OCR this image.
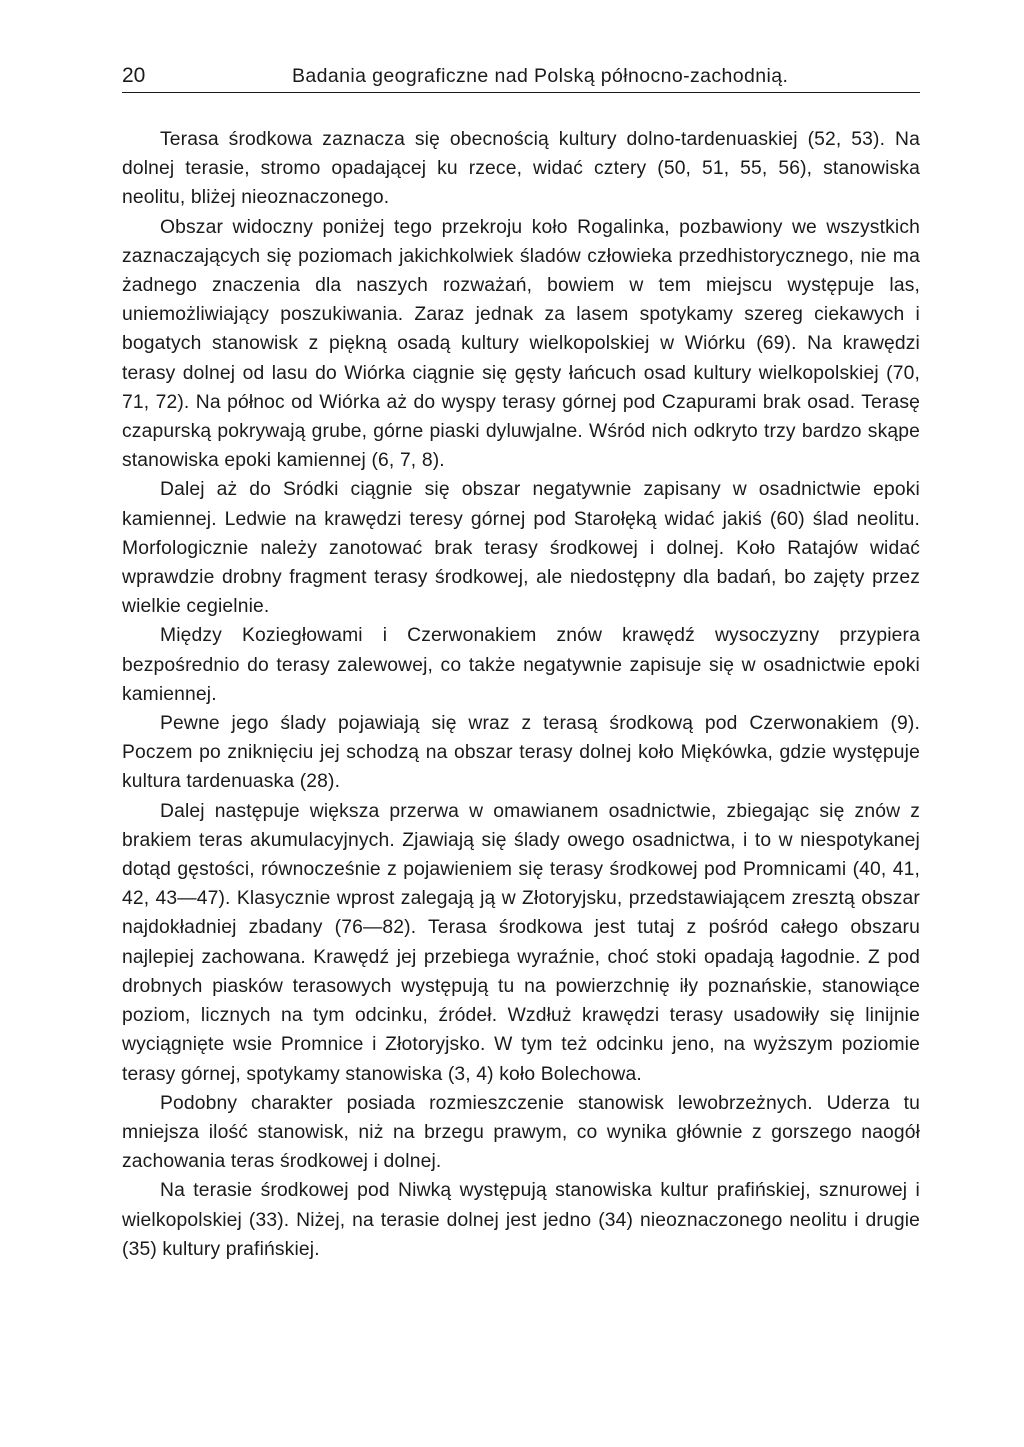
20	Badania geograficzne nad Polską północno-zachodnią.

Terasa środkowa zaznacza się obecnością kultury dolno-tardenuaskiej (52, 53). Na dolnej terasie, stromo opadającej ku rzece, widać cztery (50, 51, 55, 56), stanowiska neolitu, bliżej nieoznaczonego.

Obszar widoczny poniżej tego przekroju koło Rogalinka, pozbawiony we wszystkich zaznaczających się poziomach jakichkolwiek śladów człowieka przedhistorycznego, nie ma żadnego znaczenia dla naszych rozważań, bowiem w tem miejscu występuje las, uniemożliwiający poszukiwania. Zaraz jednak za lasem spotykamy szereg ciekawych i bogatych stanowisk z piękną osadą kultury wielkopolskiej w Wiórku (69). Na krawędzi terasy dolnej od lasu do Wiórka ciągnie się gęsty łańcuch osad kultury wielkopolskiej (70, 71, 72). Na północ od Wiórka aż do wyspy terasy górnej pod Czapurami brak osad. Terasę czapurską pokrywają grube, górne piaski dyluwjalne. Wśród nich odkryto trzy bardzo skąpe stanowiska epoki kamiennej (6, 7, 8).

Dalej aż do Sródki ciągnie się obszar negatywnie zapisany w osadnictwie epoki kamiennej. Ledwie na krawędzi teresy górnej pod Starołęką widać jakiś (60) ślad neolitu. Morfologicznie należy zanotować brak terasy środkowej i dolnej. Koło Ratajów widać wprawdzie drobny fragment terasy środkowej, ale niedostępny dla badań, bo zajęty przez wielkie cegielnie.

Między Koziegłowami i Czerwonakiem znów krawędź wysoczyzny przypiera bezpośrednio do terasy zalewowej, co także negatywnie zapisuje się w osadnictwie epoki kamiennej.

Pewne jego ślady pojawiają się wraz z terasą środkową pod Czerwonakiem (9). Poczem po zniknięciu jej schodzą na obszar terasy dolnej koło Miękówka, gdzie występuje kultura tardenuaska (28).

Dalej następuje większa przerwa w omawianem osadnictwie, zbiegając się znów z brakiem teras akumulacyjnych. Zjawiają się ślady owego osadnictwa, i to w niespotykanej dotąd gęstości, równocześnie z pojawieniem się terasy środkowej pod Promnicami (40, 41, 42, 43—47). Klasycznie wprost zalegają ją w Złotoryjsku, przedstawiającem zresztą obszar najdokładniej zbadany (76—82). Terasa środkowa jest tutaj z pośród całego obszaru najlepiej zachowana. Krawędź jej przebiega wyraźnie, choć stoki opadają łagodnie. Z pod drobnych piasków terasowych występują tu na powierzchnię iły poznańskie, stanowiące poziom, licznych na tym odcinku, źródeł. Wzdłuż krawędzi terasy usadowiły się linijnie wyciągnięte wsie Promnice i Złotoryjsko. W tym też odcinku jeno, na wyższym poziomie terasy górnej, spotykamy stanowiska (3, 4) koło Bolechowa.

Podobny charakter posiada rozmieszczenie stanowisk lewobrzeżnych. Uderza tu mniejsza ilość stanowisk, niż na brzegu prawym, co wynika głównie z gorszego naogół zachowania teras środkowej i dolnej.

Na terasie środkowej pod Niwką występują stanowiska kultur prafińskiej, sznurowej i wielkopolskiej (33). Niżej, na terasie dolnej jest jedno (34) nieoznaczonego neolitu i drugie (35) kultury prafińskiej.
